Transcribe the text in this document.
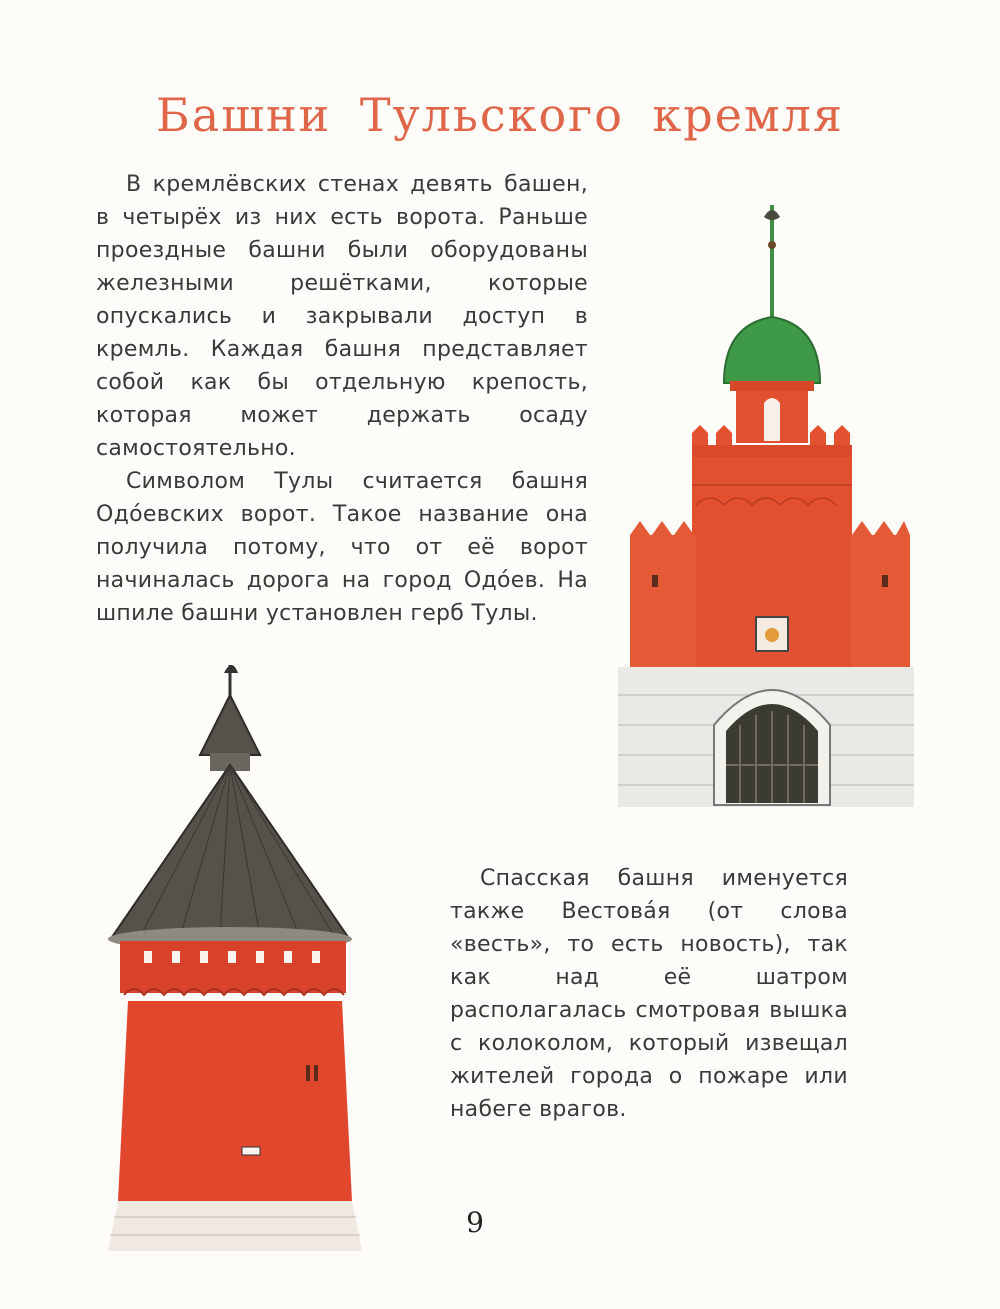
Башни Тульского кремля

В кремлёвских стенах девять башен, в четырёх из них есть ворота. Раньше проездные башни были оборудованы железными решётками, которые опускались и закрывали доступ в кремль. Каждая башня представляет собой как бы отдельную крепость, которая может держать осаду самостоятельно.

Символом Тулы считается башня Одо́евских ворот. Такое название она получила потому, что от её ворот начиналась дорога на город Одо́ев. На шпиле башни установлен герб Тулы.

Спасская башня именуется также Вестова́я (от слова «весть», то есть новость), так как над её шатром располагалась смотровая вышка с колоколом, который извещал жителей города о пожаре или набеге врагов.

9
